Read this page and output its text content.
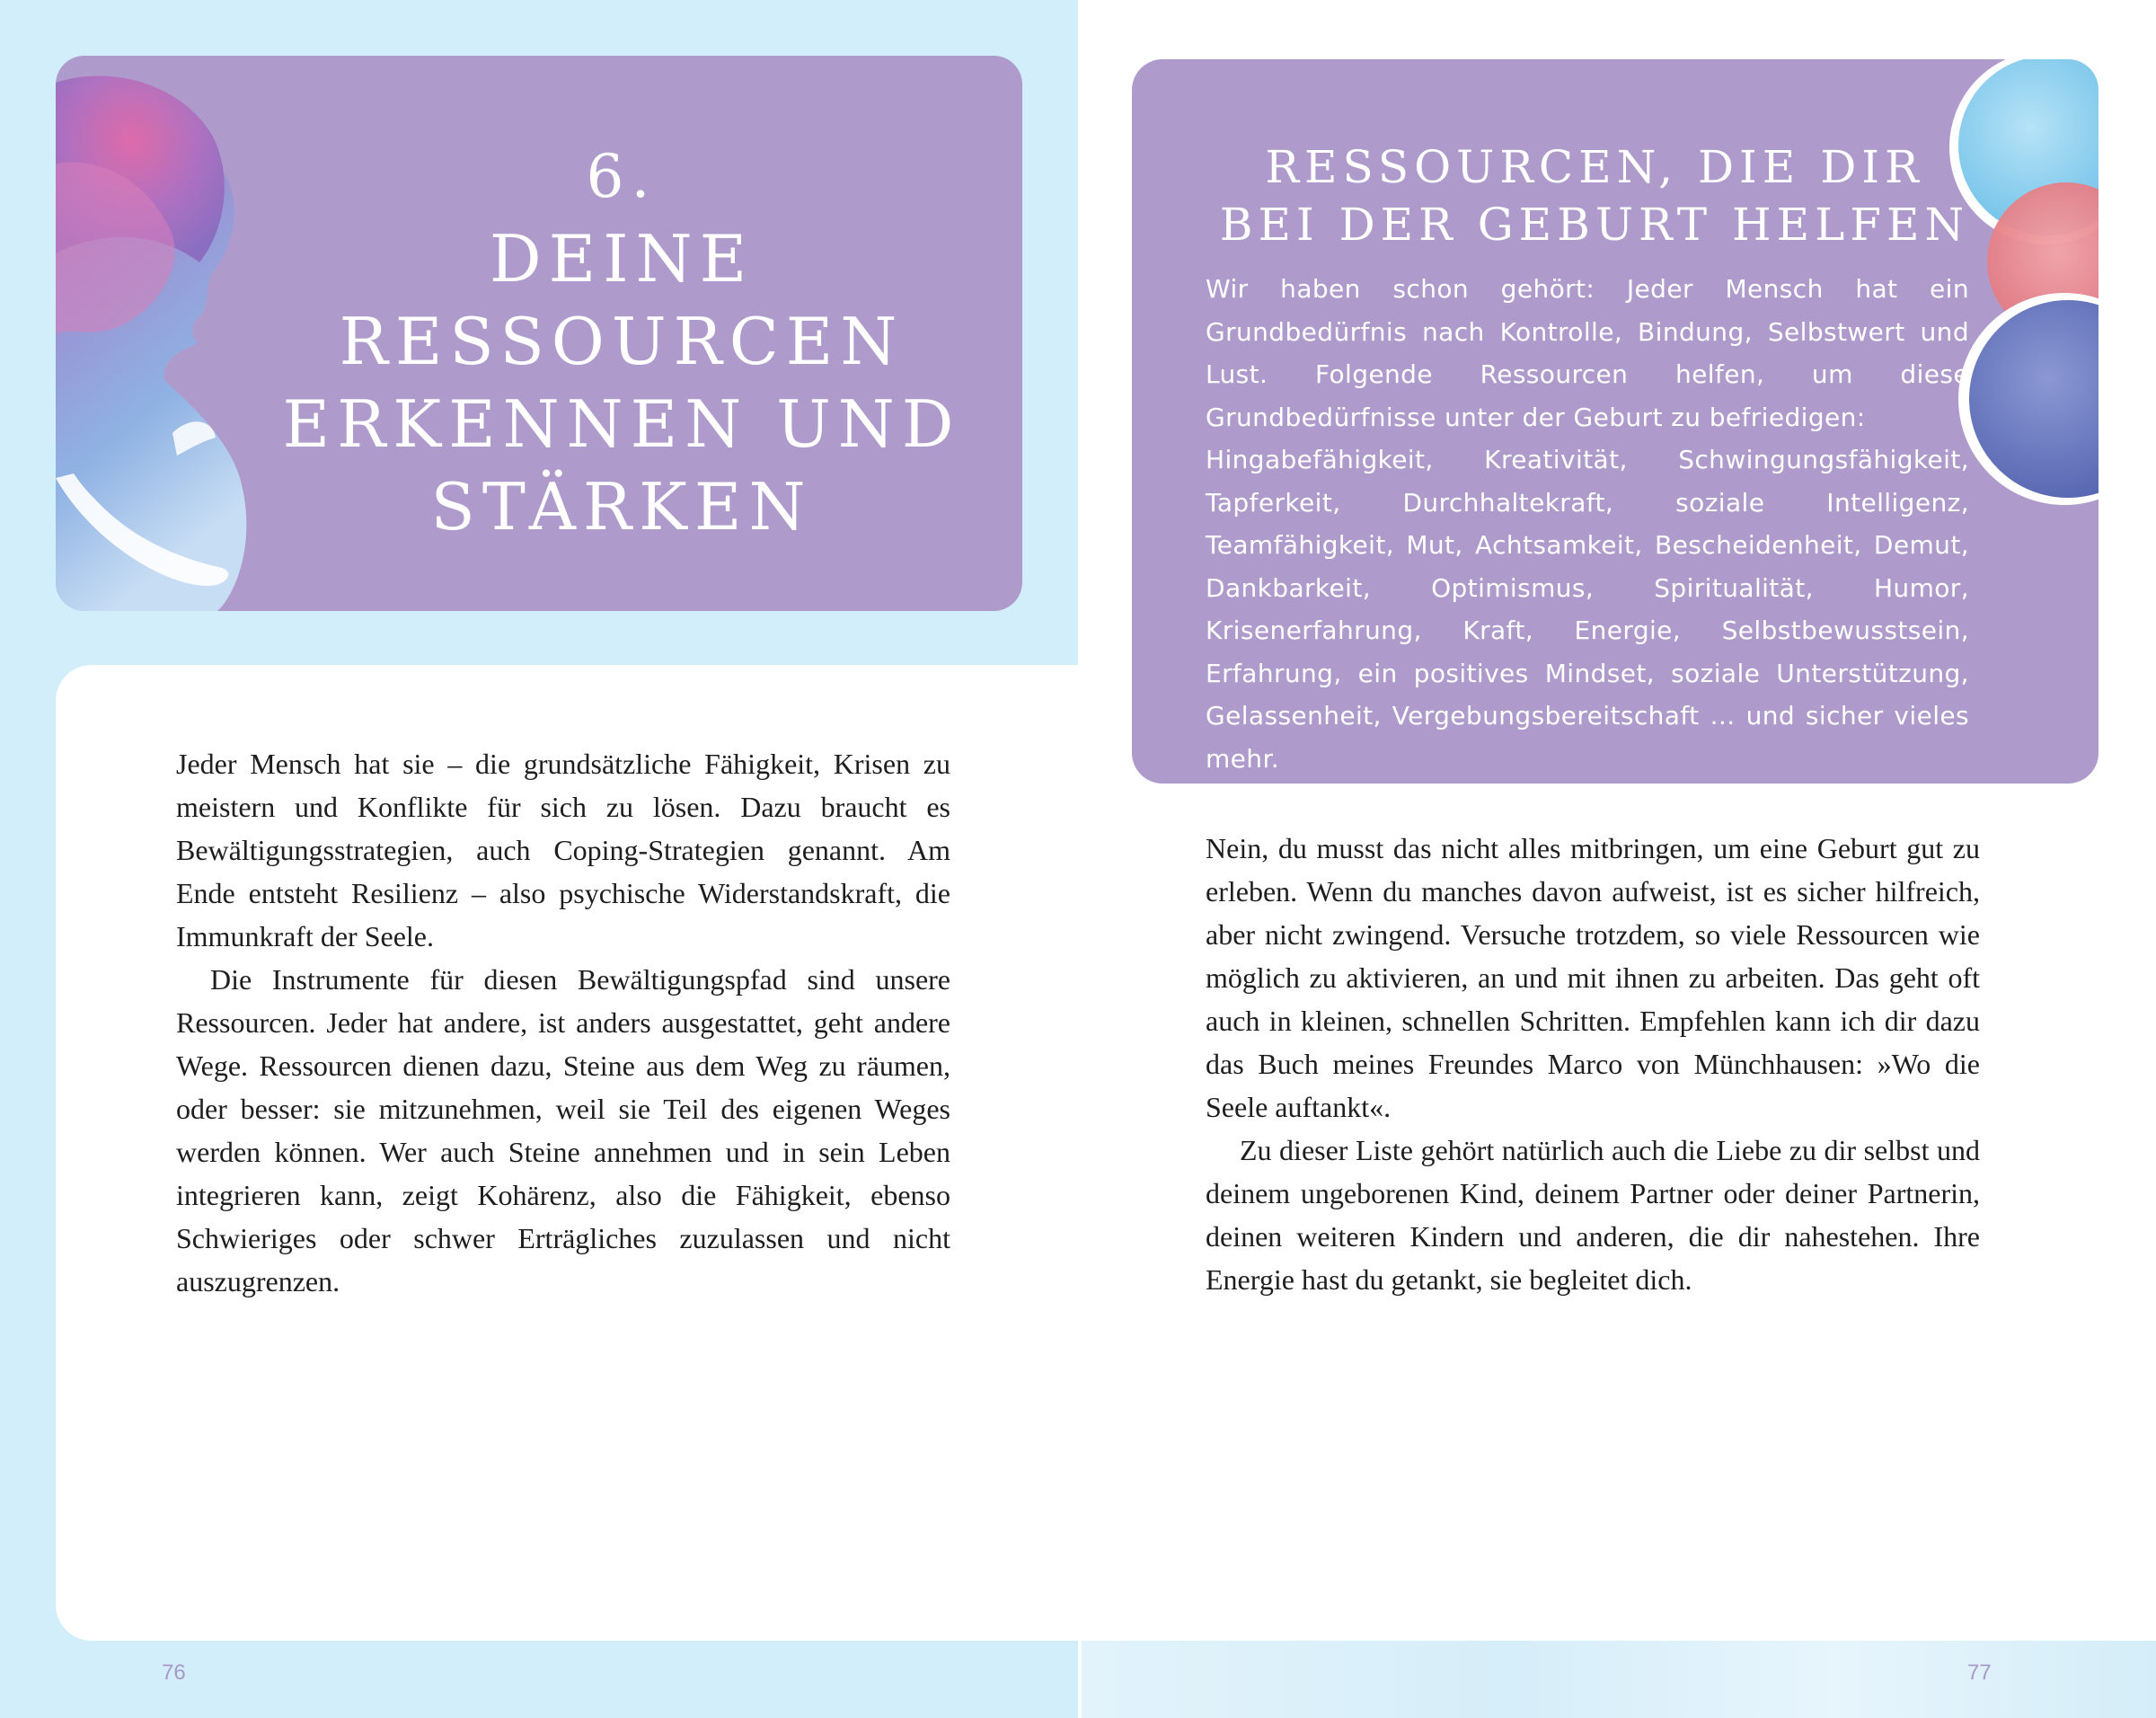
6.
DEINE
RESSOURCEN
ERKENNEN UND
STÄRKEN

Jeder Mensch hat sie – die grundsätzliche Fähigkeit, Krisen zu meistern und Konflikte für sich zu lösen. Dazu braucht es Bewältigungsstrategien, auch Coping-Strategien genannt. Am Ende entsteht Resilienz – also psychische Widerstandskraft, die Immunkraft der Seele.

Die Instrumente für diesen Bewältigungspfad sind unsere Ressourcen. Jeder hat andere, ist anders ausgestattet, geht andere Wege. Ressourcen dienen dazu, Steine aus dem Weg zu räumen, oder besser: sie mitzunehmen, weil sie Teil des eigenen Weges werden können. Wer auch Steine annehmen und in sein Leben integrieren kann, zeigt Kohärenz, also die Fähigkeit, ebenso Schwieriges oder schwer Erträgliches zuzulassen und nicht auszugrenzen.

RESSOURCEN, DIE DIR
BEI DER GEBURT HELFEN
Wir haben schon gehört: Jeder Mensch hat ein Grundbedürfnis nach Kontrolle, Bindung, Selbstwert und Lust. Folgende Ressourcen helfen, um diese Grundbedürfnisse unter der Geburt zu befriedigen:
Hingabefähigkeit, Kreativität, Schwingungsfähigkeit, Tapferkeit, Durchhaltekraft, soziale Intelligenz, Teamfähigkeit, Mut, Achtsamkeit, Bescheidenheit, Demut, Dankbarkeit, Optimismus, Spiritualität, Humor, Krisenerfahrung, Kraft, Energie, Selbstbewusstsein, Erfahrung, ein positives Mindset, soziale Unterstützung, Gelassenheit, Vergebungsbereitschaft … und sicher vieles mehr.

Nein, du musst das nicht alles mitbringen, um eine Geburt gut zu erleben. Wenn du manches davon aufweist, ist es sicher hilfreich, aber nicht zwingend. Versuche trotzdem, so viele Ressourcen wie möglich zu aktivieren, an und mit ihnen zu arbeiten. Das geht oft auch in kleinen, schnellen Schritten. Empfehlen kann ich dir dazu das Buch meines Freundes Marco von Münchhausen: »Wo die Seele auftankt«.

Zu dieser Liste gehört natürlich auch die Liebe zu dir selbst und deinem ungeborenen Kind, deinem Partner oder deiner Partnerin, deinen weiteren Kindern und anderen, die dir nahestehen. Ihre Energie hast du getankt, sie begleitet dich.

76	77
